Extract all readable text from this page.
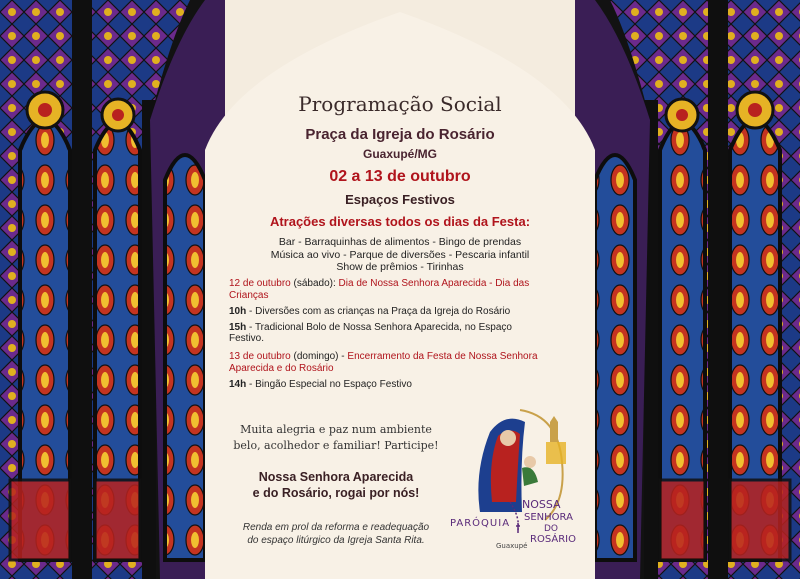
Programação Social
Praça da Igreja do Rosário
Guaxupé/MG
02 a 13 de outubro
Espaços Festivos
Atrações diversas todos os dias da Festa:
Bar - Barraquinhas de alimentos - Bingo de prendas
Música ao vivo - Parque de diversões - Pescaria infantil
Show de prêmios - Tirinhas
12 de outubro (sábado): Dia de Nossa Senhora Aparecida - Dia das Crianças
10h - Diversões com as crianças na Praça da Igreja do Rosário
15h - Tradicional Bolo de Nossa Senhora Aparecida, no Espaço Festivo.
13 de outubro (domingo) - Encerramento da Festa de Nossa Senhora Aparecida e do Rosário
14h - Bingão Especial no Espaço Festivo
Muita alegria e paz num ambiente
belo, acolhedor e familiar! Participe!
Nossa Senhora Aparecida
e do Rosário, rogai por nós!
Renda em prol da reforma e readequação
do espaço litúrgico da Igreja Santa Rita.
PARÓQUIA
NOSSA
SENHORA
DO
ROSÁRIO
Guaxupé
